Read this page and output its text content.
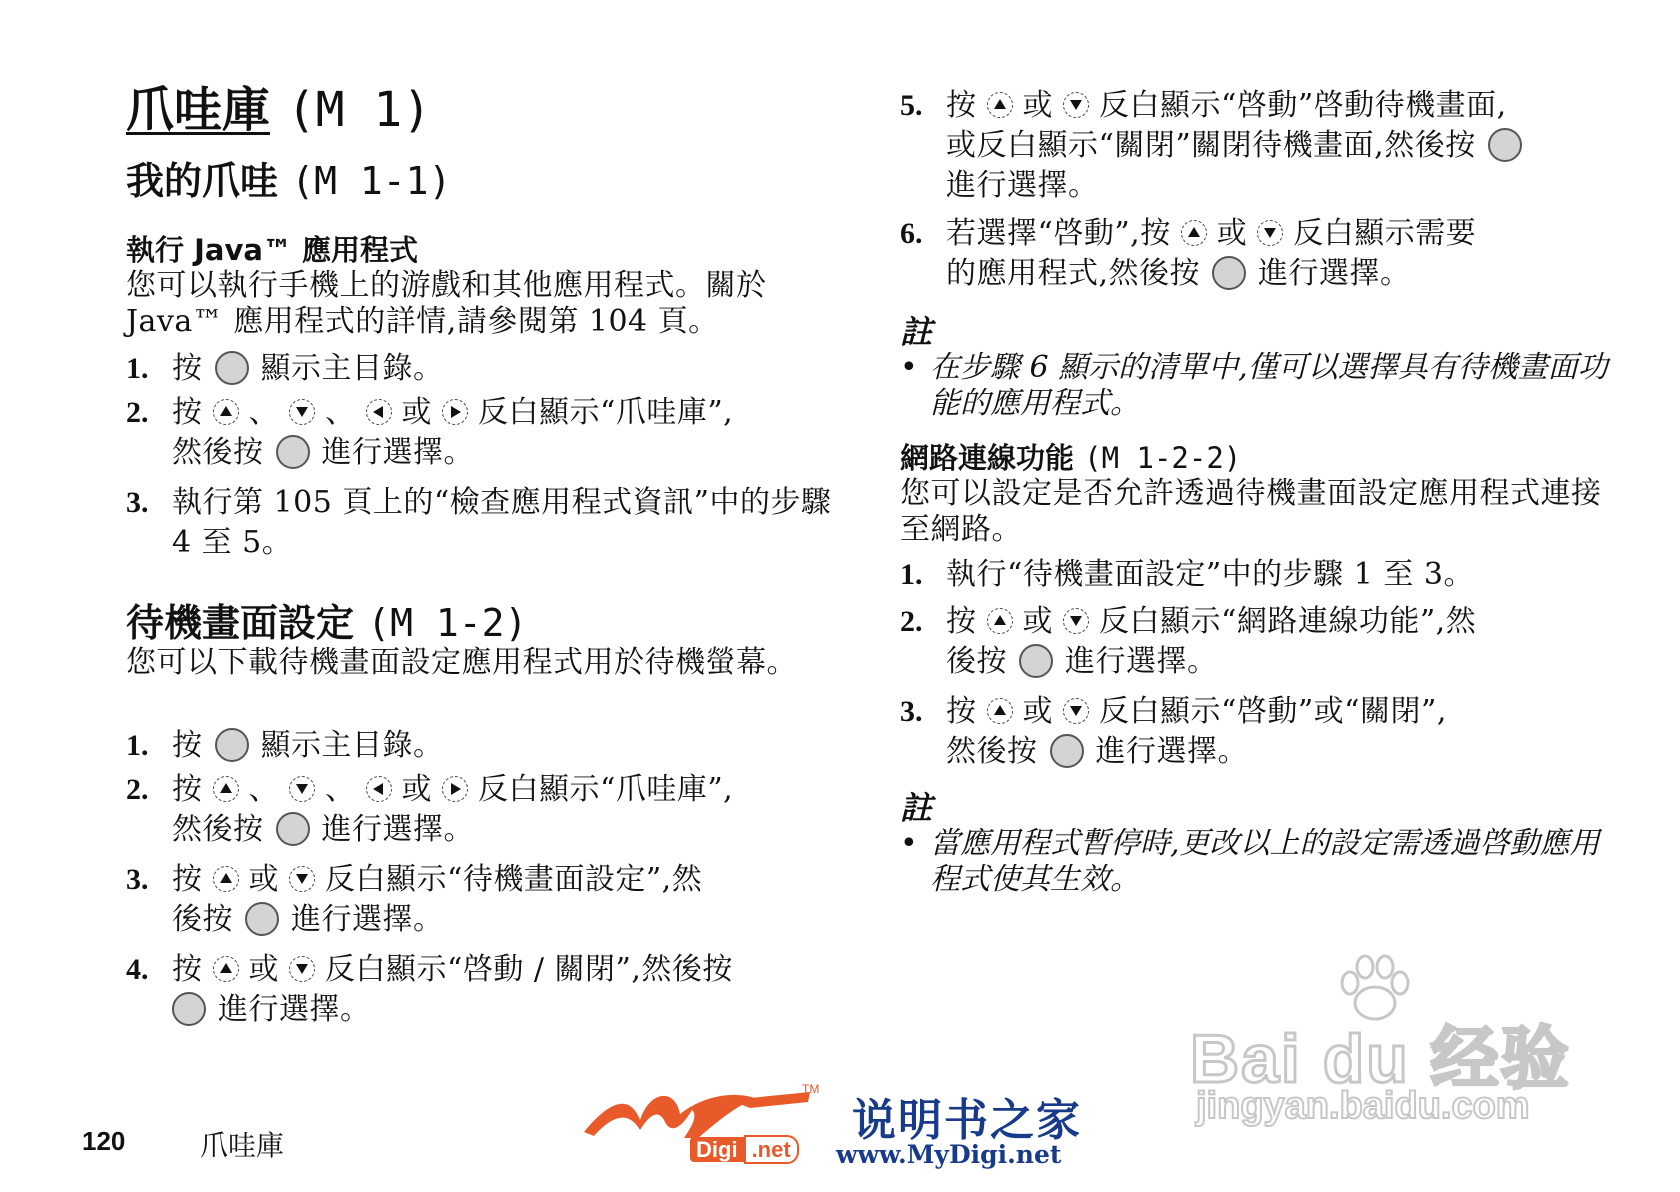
爪哇庫 (M 1)
我的爪哇 (M 1-1)
執行 Java™ 應用程式

您可以執行手機上的游戲和其他應用程式。關於 Java™ 應用程式的詳情,請參閱第 104 頁。

1. 按 顯示主目錄。
2. 按 、 、 或 反白顯示“爪哇庫”,
然後按 進行選擇。
3. 執行第 105 頁上的“檢查應用程式資訊”中的步驟 4 至 5。
待機畫面設定 (M 1-2)

您可以下載待機畫面設定應用程式用於待機螢幕。

1. 按 顯示主目錄。
2. 按 、 、 或 反白顯示“爪哇庫”,
然後按 進行選擇。
3. 按 或 反白顯示“待機畫面設定”,然
後按 進行選擇。
4. 按 或 反白顯示“啓動 / 關閉”,然後按
進行選擇。
5. 按 或 反白顯示“啓動”啓動待機畫面,
或反白顯示“關閉”關閉待機畫面,然後按
進行選擇。
6. 若選擇“啓動”,按 或 反白顯示需要
的應用程式,然後按 進行選擇。
註
• 在步驟 6 顯示的清單中,僅可以選擇具有待機畫面功能的應用程式。
網路連線功能 (M 1-2-2)

您可以設定是否允許透過待機畫面設定應用程式連接至網路。

1. 執行“待機畫面設定”中的步驟 1 至 3。
2. 按 或 反白顯示“網路連線功能”,然
後按 進行選擇。
3. 按 或 反白顯示“啓動”或“關閉”,
然後按 進行選擇。
註
• 當應用程式暫停時,更改以上的設定需透過啓動應用程式使其生效。
120	爪哇庫
TM
Digi .net
说明书之家
www.MyDigi.net
Bai du 经验
jingyan.baidu.com
